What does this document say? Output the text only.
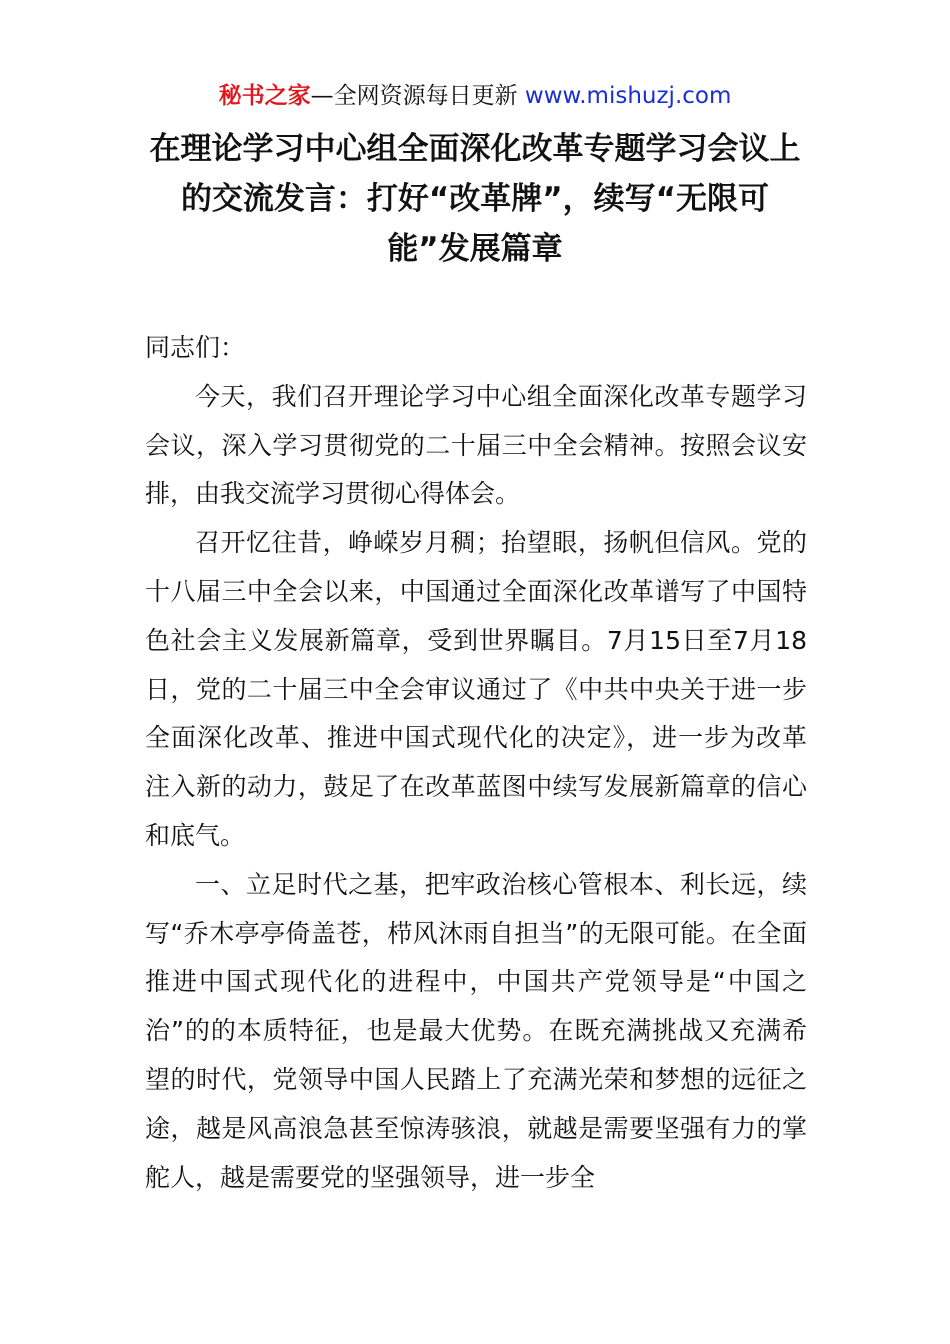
秘书之家—全网资源每日更新 www.mishuzj.com
在理论学习中心组全面深化改革专题学习会议上的交流发言：打好“改革牌”，续写“无限可能”发展篇章

同志们：

今天，我们召开理论学习中心组全面深化改革专题学习会议，深入学习贯彻党的二十届三中全会精神。按照会议安排，由我交流学习贯彻心得体会。

召开忆往昔，峥嵘岁月稠；抬望眼，扬帆但信风。党的十八届三中全会以来，中国通过全面深化改革谱写了中国特色社会主义发展新篇章，受到世界瞩目。7月15日至7月18日，党的二十届三中全会审议通过了《中共中央关于进一步全面深化改革、推进中国式现代化的决定》，进一步为改革注入新的动力，鼓足了在改革蓝图中续写发展新篇章的信心和底气。

一、立足时代之基，把牢政治核心管根本、利长远，续写“乔木亭亭倚盖苍，栉风沐雨自担当”的无限可能。在全面推进中国式现代化的进程中，中国共产党领导是“中国之治”的的本质特征，也是最大优势。在既充满挑战又充满希望的时代，党领导中国人民踏上了充满光荣和梦想的远征之途，越是风高浪急甚至惊涛骇浪，就越是需要坚强有力的掌舵人，越是需要党的坚强领导，进一步全
